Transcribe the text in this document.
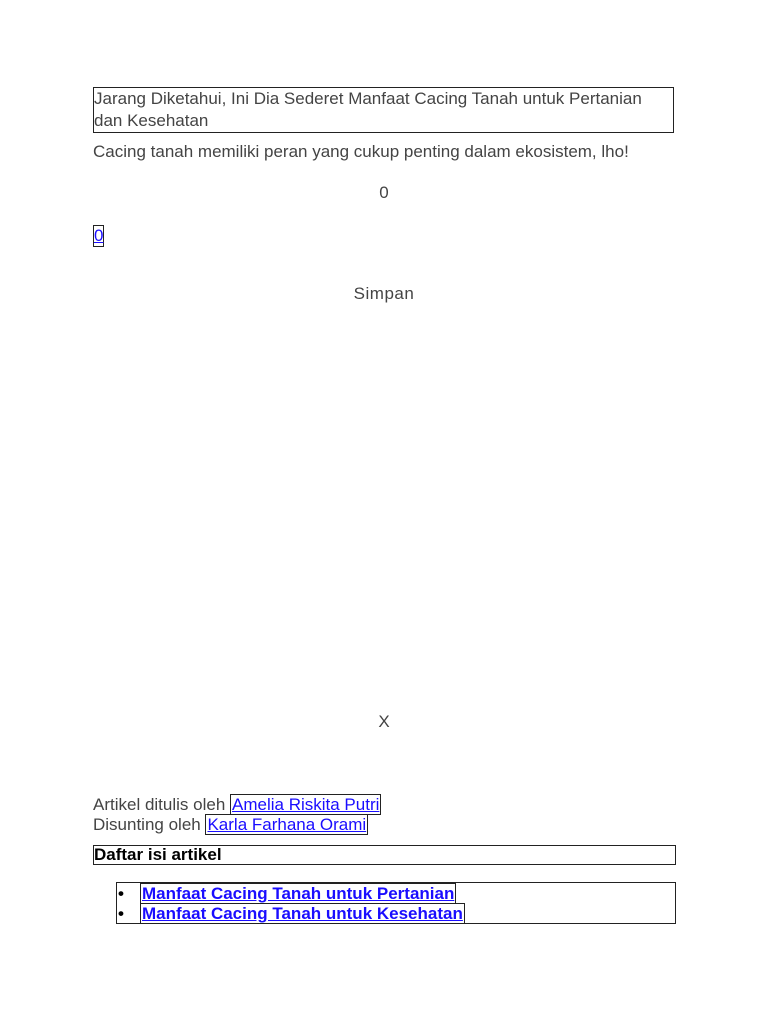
Jarang Diketahui, Ini Dia Sederet Manfaat Cacing Tanah untuk Pertanian dan Kesehatan
Cacing tanah memiliki peran yang cukup penting dalam ekosistem, lho!
0
0
Simpan
X
Artikel ditulis oleh Amelia Riskita Putri
Disunting oleh Karla Farhana Orami
Daftar isi artikel
• Manfaat Cacing Tanah untuk Pertanian
• Manfaat Cacing Tanah untuk Kesehatan
